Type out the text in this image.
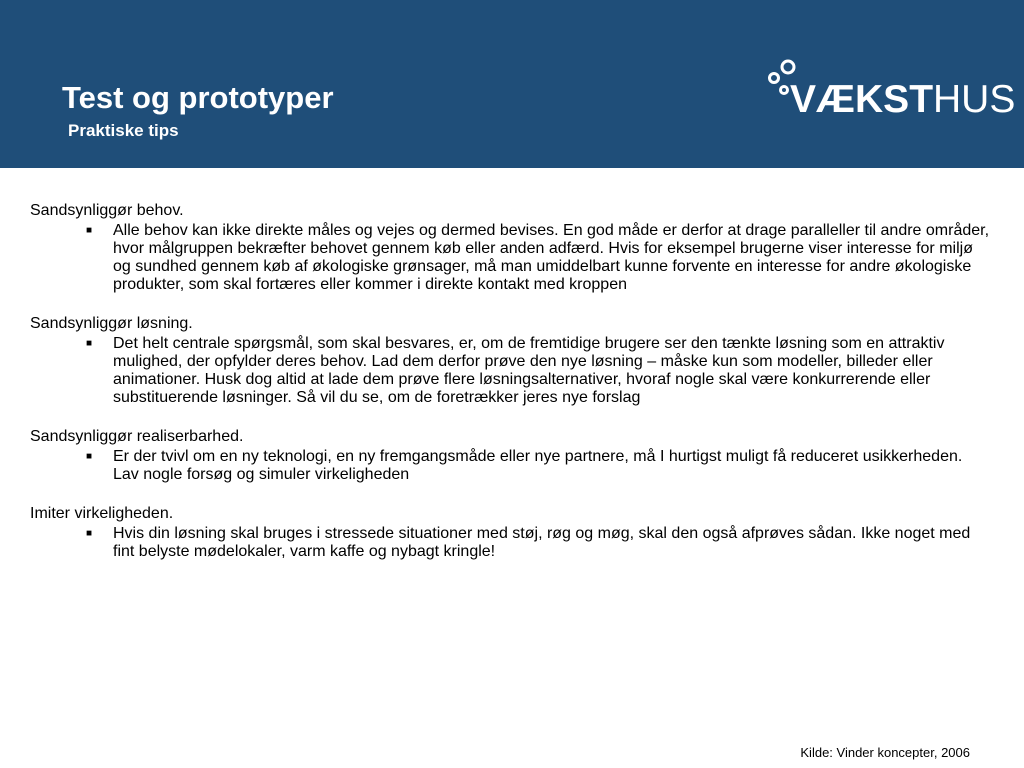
Test og prototyper
Praktiske tips
VÆKSTHUS
Sandsynliggør behov.
■ Alle behov kan ikke direkte måles og vejes og dermed bevises. En god måde er derfor at drage paralleller til andre områder, hvor målgruppen bekræfter behovet gennem køb eller anden adfærd. Hvis for eksempel brugerne viser interesse for miljø og sundhed gennem køb af økologiske grønsager, må man umiddelbart kunne forvente en interesse for andre økologiske produkter, som skal fortæres eller kommer i direkte kontakt med kroppen
Sandsynliggør løsning.
■ Det helt centrale spørgsmål, som skal besvares, er, om de fremtidige brugere ser den tænkte løsning som en attraktiv mulighed, der opfylder deres behov. Lad dem derfor prøve den nye løsning – måske kun som modeller, billeder eller animationer. Husk dog altid at lade dem prøve flere løsningsalternativer, hvoraf nogle skal være konkurrerende eller substituerende løsninger. Så vil du se, om de foretrækker jeres nye forslag
Sandsynliggør realiserbarhed.
■ Er der tvivl om en ny teknologi, en ny fremgangsmåde eller nye partnere, må I hurtigst muligt få reduceret usikkerheden. Lav nogle forsøg og simuler virkeligheden
Imiter virkeligheden.
■ Hvis din løsning skal bruges i stressede situationer med støj, røg og møg, skal den også afprøves sådan. Ikke noget med fint belyste mødelokaler, varm kaffe og nybagt kringle!
Kilde: Vinder koncepter, 2006
